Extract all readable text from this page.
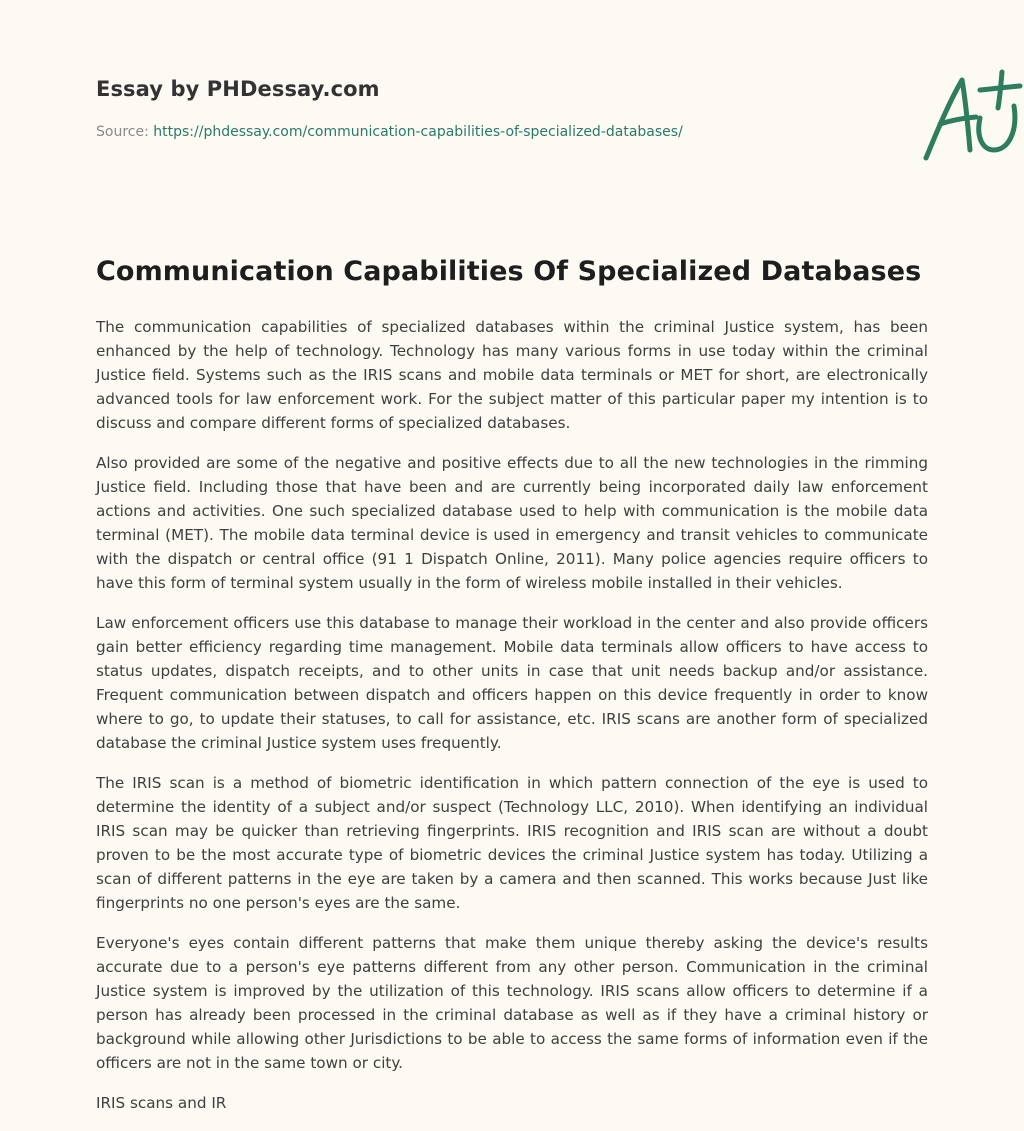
Essay by PHDessay.com
Source: https://phdessay.com/communication-capabilities-of-specialized-databases/
Communication Capabilities Of Specialized Databases

The communication capabilities of specialized databases within the criminal Justice system, has been enhanced by the help of technology. Technology has many various forms in use today within the criminal Justice field. Systems such as the IRIS scans and mobile data terminals or MET for short, are electronically advanced tools for law enforcement work. For the subject matter of this particular paper my intention is to discuss and compare different forms of specialized databases.

Also provided are some of the negative and positive effects due to all the new technologies in the rimming Justice field. Including those that have been and are currently being incorporated daily law enforcement actions and activities. One such specialized database used to help with communication is the mobile data terminal (MET). The mobile data terminal device is used in emergency and transit vehicles to communicate with the dispatch or central office (91 1 Dispatch Online, 2011). Many police agencies require officers to have this form of terminal system usually in the form of wireless mobile installed in their vehicles.

Law enforcement officers use this database to manage their workload in the center and also provide officers gain better efficiency regarding time management. Mobile data terminals allow officers to have access to status updates, dispatch receipts, and to other units in case that unit needs backup and/or assistance. Frequent communication between dispatch and officers happen on this device frequently in order to know where to go, to update their statuses, to call for assistance, etc. IRIS scans are another form of specialized database the criminal Justice system uses frequently.

The IRIS scan is a method of biometric identification in which pattern connection of the eye is used to determine the identity of a subject and/or suspect (Technology LLC, 2010). When identifying an individual IRIS scan may be quicker than retrieving fingerprints. IRIS recognition and IRIS scan are without a doubt proven to be the most accurate type of biometric devices the criminal Justice system has today. Utilizing a scan of different patterns in the eye are taken by a camera and then scanned. This works because Just like fingerprints no one person's eyes are the same.

Everyone's eyes contain different patterns that make them unique thereby asking the device's results accurate due to a person's eye patterns different from any other person. Communication in the criminal Justice system is improved by the utilization of this technology. IRIS scans allow officers to determine if a person has already been processed in the criminal database as well as if they have a criminal history or background while allowing other Jurisdictions to be able to access the same forms of information even if the officers are not in the same town or city.

IRIS scans and IR
